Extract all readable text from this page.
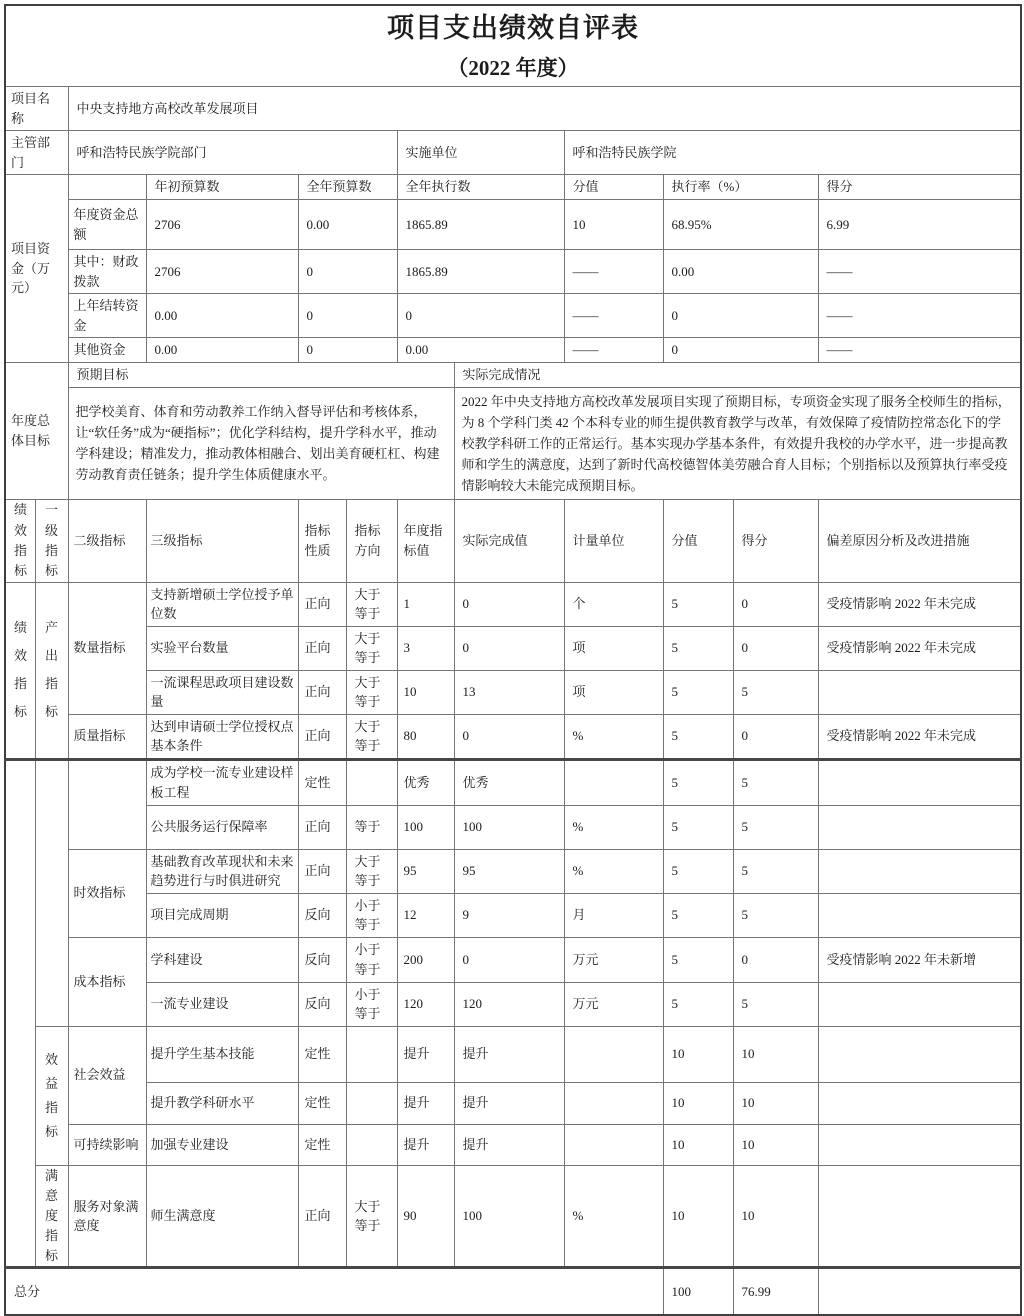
项目支出绩效自评表
（2022 年度）											

项目名称		中央支持地方高校改革发展项目									
主管部门		呼和浩特民族学院部门				实施单位		呼和浩特民族学院			
项目资金（万元）			年初预算数	全年预算数		全年执行数		分值	执行率（%）		得分
		年度资金总额	2706	0.00		1865.89		10	68.95%		6.99
		其中：财政拨款	2706	0		1865.89		——	0.00		——
		上年结转资金	0.00	0		0		——	0		——
		其他资金	0.00	0		0.00		——	0		——
年度总体目标		预期目标					实际完成情况				
		把学校美育、体育和劳动教养工作纳入督导评估和考核体系，让“软任务”成为“硬指标”；优化学科结构，提升学科水平，推动学科建设；精准发力，推动教体相融合、划出美育硬杠杠、构建劳动教育责任链条；提升学生体质健康水平。					2022 年中央支持地方高校改革发展项目实现了预期目标，专项资金实现了服务全校师生的指标，为 8 个学科门类 42 个本科专业的师生提供教育教学与改革，有效保障了疫情防控常态化下的学校教学科研工作的正常运行。基本实现办学基本条件，有效提升我校的办学水平，进一步提高教师和学生的满意度，达到了新时代高校德智体美劳融合育人目标；个别指标以及预算执行率受疫情影响较大未能完成预期目标。				
绩效指标	一级指标	二级指标	三级指标	指标性质	指标方向	年度指标值	实际完成值	计量单位	分值	得分	偏差原因分析及改进措施
绩效指标	产出指标	数量指标	支持新增硕士学位授予单位数	正向	大于等于	1	0	个	5	0	受疫情影响 2022 年未完成
			实验平台数量	正向	大于等于	3	0	项	5	0	受疫情影响 2022 年未完成
			一流课程思政项目建设数量	正向	大于等于	10	13	项	5	5	
		质量指标	达到申请硕士学位授权点基本条件	正向	大于等于	80	0	%	5	0	受疫情影响 2022 年未完成
			成为学校一流专业建设样板工程	定性		优秀	优秀		5	5	
			公共服务运行保障率	正向	等于	100	100	%	5	5	
		时效指标	基础教育改革现状和未来趋势进行与时俱进研究	正向	大于等于	95	95	%	5	5	
			项目完成周期	反向	小于等于	12	9	月	5	5	
		成本指标	学科建设	反向	小于等于	200	0	万元	5	0	受疫情影响 2022 年未新增
			一流专业建设	反向	小于等于	120	120	万元	5	5	
	效益指标	社会效益	提升学生基本技能	定性		提升	提升		10	10	
			提升教学科研水平	定性		提升	提升		10	10	
		可持续影响	加强专业建设	定性		提升	提升		10	10	
	满意度指标	服务对象满意度	师生满意度	正向	大于等于	90	100	%	10	10	
总分									100	76.99	
